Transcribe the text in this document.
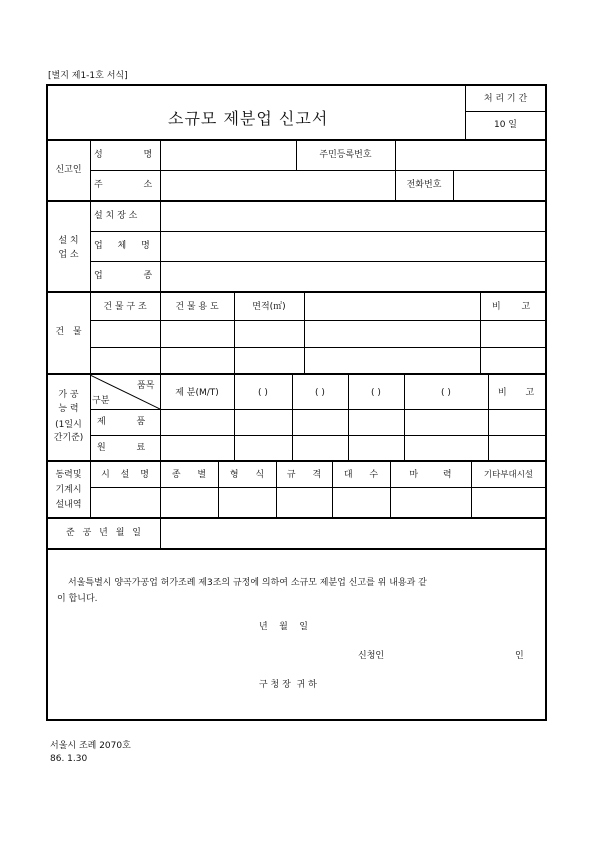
[별지 제1-1호 서식]
소규모 제분업 신고서
처 리 기 간
10 일
신고인
성 명	주민등록번호
주 소	전화번호
설 치
업 소
설 치 장 소
업 체 명
업 종
건 물
건 물 구 조	건 물 용 도	면적(㎡)	비 고
가 공
능 력
(1일시
간기준)
품목
구분
제 분(M/T)	( )	( )	( )	( )	비 고
제 품
원 료
동력및
기계시
설내역
시 설 명	종 별	형 식	규 격	대 수	마 력	기타부대시설
준 공 년 월 일
서울특별시 양곡가공업 허가조례 제3조의 규정에 의하여 소규모 제분업 신고를 위 내용과 같
이 합니다.
년    월    일
신청인	인
구 청 장  귀 하
서울시 조례 2070호
86. 1.30
